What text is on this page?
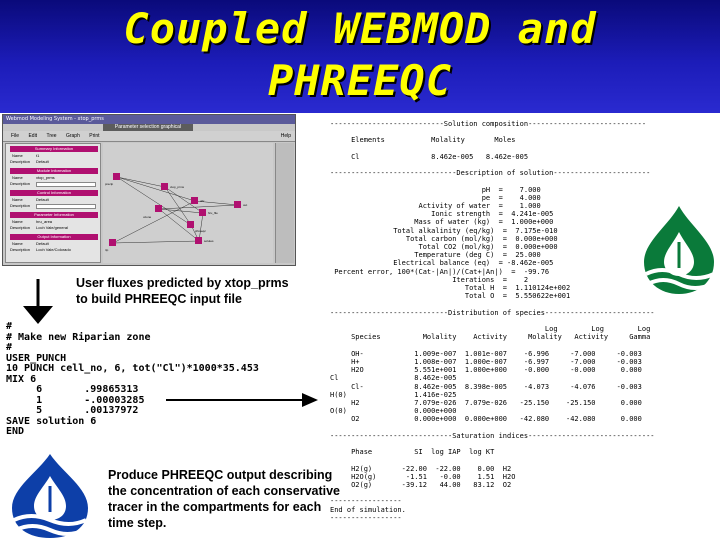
Coupled WEBMOD and
PHREEQC
Webmod Modeling System - xtop_prms
Parameter selection graphical
File Edit Tree Graph Print	Help
Summary Information
Name	t1
Description Default
Module Information
Name	xtop_prms
Description
Control Information
Name	Default
Description
Parameter Information
Name	hru_area
Description Loch Vale/general
Output Information
Name	Default
Description Loch Vale/Colorado
precip
xtop_prms
ohr
hru_file
uzone
out
phreeqc
solutes
rip
User fluxes predicted by xtop_prms
to build PHREEQC input file
#
# Make new Riparian zone
#
USER_PUNCH
10 PUNCH cell_no, 6, tot("Cl")*1000*35.453
MIX 6
6       .99865313
1       -.00003285
5       .00137972
SAVE solution 6
END
Produce PHREEQC output describing
the concentration of each conservative
tracer in the compartments for each
time step.
---------------------------Solution composition----------------------------

Elements           Molality       Moles

Cl                 8.462e-005   8.462e-005

------------------------------Description of solution-----------------------

pH  =    7.000
pe  =    4.000
Activity of water  =    1.000
Ionic strength  =  4.241e-005
Mass of water (kg)  =  1.000e+000
Total alkalinity (eq/kg)  =  7.175e-010
Total carbon (mol/kg)  =  0.000e+000
Total CO2 (mol/kg)  =  0.000e+000
Temperature (deg C)  =  25.000
Electrical balance (eq)  = -8.462e-005
Percent error, 100*(Cat-|An|)/(Cat+|An|)  =  -99.76
Iterations  =    2
Total H  =  1.110124e+002
Total O  =  5.550622e+001

----------------------------Distribution of species--------------------------

Log        Log        Log
Species          Molality    Activity     Molality   Activity     Gamma

OH-            1.009e-007  1.001e-007    -6.996     -7.000     -0.003
H+             1.008e-007  1.000e-007    -6.997     -7.000     -0.003
H2O            5.551e+001  1.000e+000    -0.000     -0.000      0.000
Cl                  8.462e-005
Cl-            8.462e-005  8.398e-005    -4.073     -4.076     -0.003
H(0)                1.416e-025
H2             7.079e-026  7.079e-026   -25.150    -25.150      0.000
O(0)                0.000e+000
O2             0.000e+000  0.000e+000   -42.080    -42.080      0.000

-----------------------------Saturation indices------------------------------

Phase          SI  log IAP  log KT

H2(g)       -22.00  -22.00    0.00  H2
H2O(g)       -1.51   -0.00    1.51  H2O
O2(g)       -39.12   44.00   83.12  O2

-----------------
End of simulation.
-----------------
